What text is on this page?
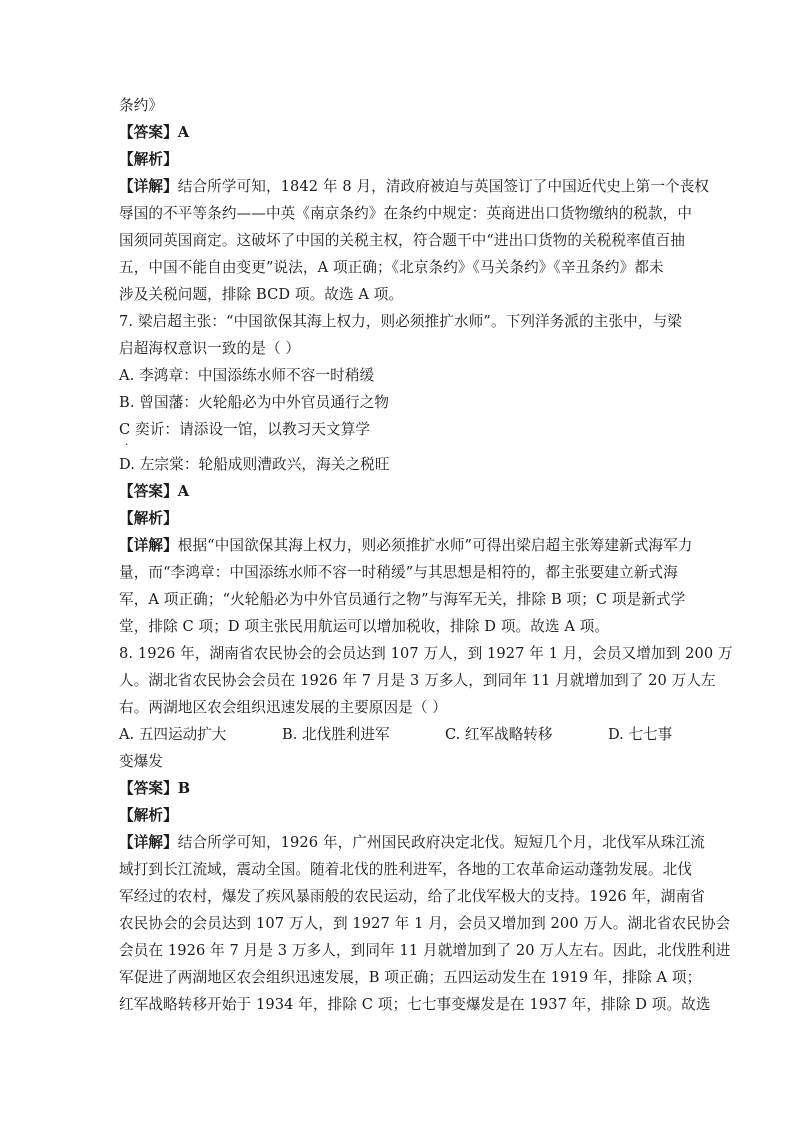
条约》
【答案】A
【解析】
【详解】结合所学可知，1842 年 8 月，清政府被迫与英国签订了中国近代史上第一个丧权
辱国的不平等条约——中英《南京条约》在条约中规定：英商进出口货物缴纳的税款，中
国须同英国商定。这破坏了中国的关税主权，符合题干中“进出口货物的关税税率值百抽
五，中国不能自由变更”说法，A 项正确；《北京条约》《马关条约》《辛丑条约》都未
涉及关税问题，排除 BCD 项。故选 A 项。
7. 梁启超主张：“中国欲保其海上权力，则必须推扩水师”。下列洋务派的主张中，与梁
启超海权意识一致的是（ ）
A. 李鸿章：中国添练水师不容一时稍缓
B. 曾国藩：火轮船必为中外官员通行之物
C 奕䜣：请添设一馆，以教习天文算学
.
D. 左宗棠：轮船成则漕政兴，海关之税旺
【答案】A
【解析】
【详解】根据“中国欲保其海上权力，则必须推扩水师”可得出梁启超主张筹建新式海军力
量，而“李鸿章：中国添练水师不容一时稍缓”与其思想是相符的，都主张要建立新式海
军，A 项正确；“火轮船必为中外官员通行之物”与海军无关，排除 B 项；C 项是新式学
堂，排除 C 项；D 项主张民用航运可以增加税收，排除 D 项。故选 A 项。
8. 1926 年，湖南省农民协会的会员达到 107 万人，到 1927 年 1 月，会员又增加到 200 万
人。湖北省农民协会会员在 1926 年 7 月是 3 万多人，到同年 11 月就增加到了 20 万人左
右。两湖地区农会组织迅速发展的主要原因是（ ）
A. 五四运动扩大	B. 北伐胜利进军	C. 红军战略转移	D. 七七事
变爆发
【答案】B
【解析】
【详解】结合所学可知，1926 年，广州国民政府决定北伐。短短几个月，北伐军从珠江流
域打到长江流域，震动全国。随着北伐的胜利进军，各地的工农革命运动蓬勃发展。北伐
军经过的农村，爆发了疾风暴雨般的农民运动，给了北伐军极大的支持。1926 年，湖南省
农民协会的会员达到 107 万人，到 1927 年 1 月，会员又增加到 200 万人。湖北省农民协会
会员在 1926 年 7 月是 3 万多人，到同年 11 月就增加到了 20 万人左右。因此，北伐胜利进
军促进了两湖地区农会组织迅速发展，B 项正确；五四运动发生在 1919 年，排除 A 项；
红军战略转移开始于 1934 年，排除 C 项；七七事变爆发是在 1937 年，排除 D 项。故选
